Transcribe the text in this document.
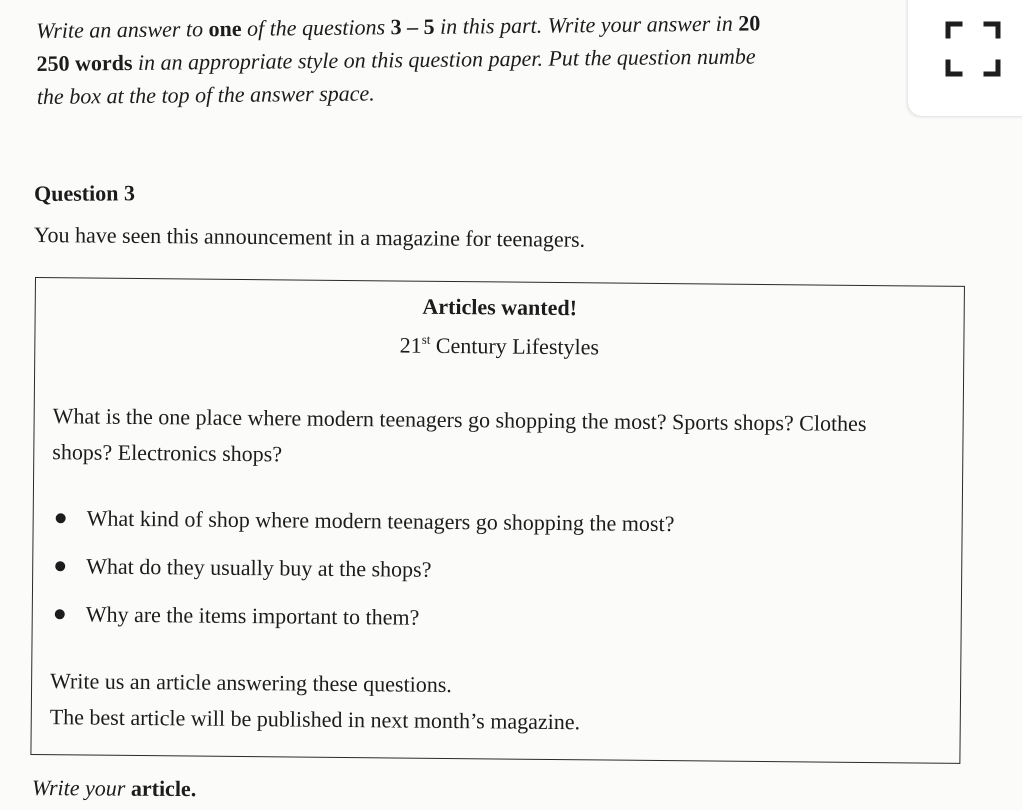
Write an answer to one of the questions 3 – 5 in this part. Write your answer in 20
250 words in an appropriate style on this question paper. Put the question numbe
the box at the top of the answer space.
Question 3
You have seen this announcement in a magazine for teenagers.
Articles wanted!
21st Century Lifestyles
What is the one place where modern teenagers go shopping the most? Sports shops? Clothes shops? Electronics shops?
What kind of shop where modern teenagers go shopping the most?
What do they usually buy at the shops?
Why are the items important to them?
Write us an article answering these questions.
The best article will be published in next month’s magazine.
Write your article.
